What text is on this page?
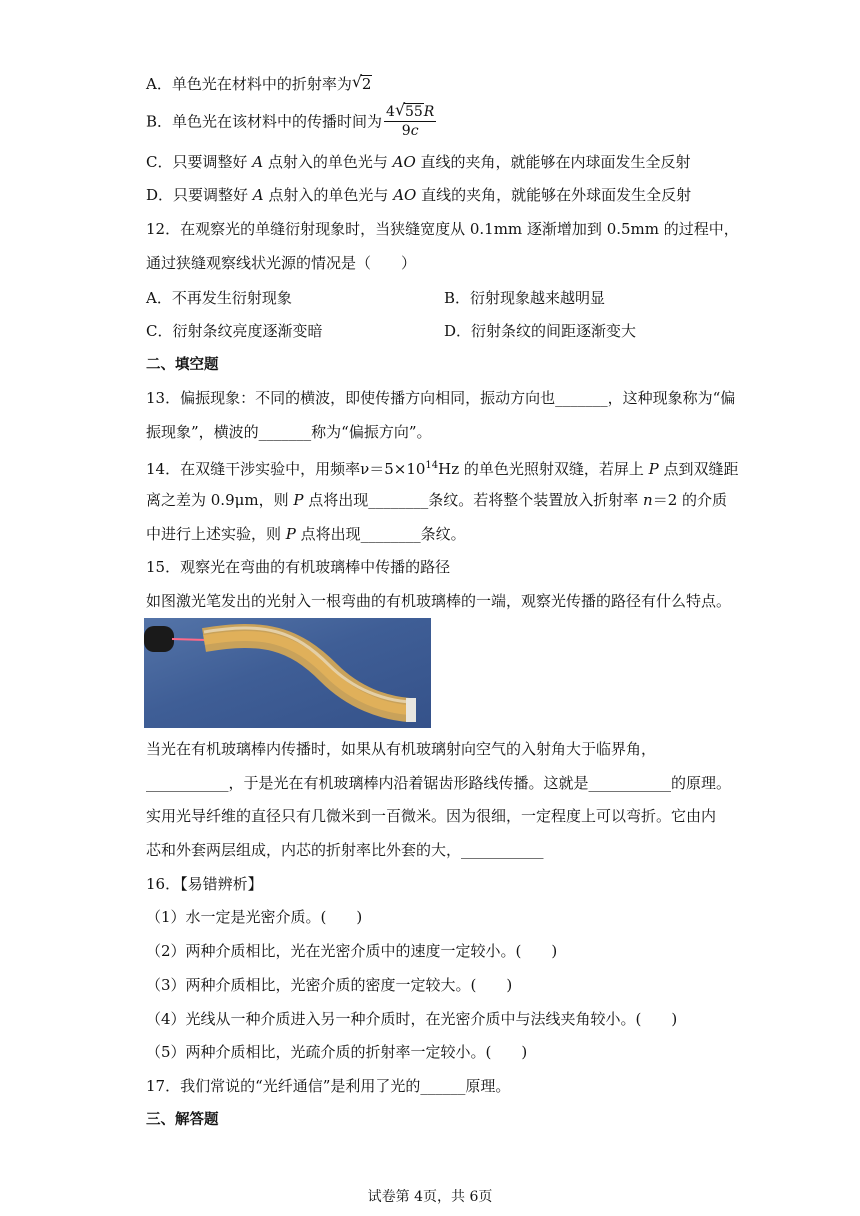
A．单色光在材料中的折射率为 √ 2
B．单色光在该材料中的传播时间为 $\frac{4 √ 55R}{9c}$
C．只要调整好 A 点射入的单色光与 AO 直线的夹角，就能够在内球面发生全反射
D．只要调整好 A 点射入的单色光与 AO 直线的夹角，就能够在外球面发生全反射
12．在观察光的单缝衍射现象时，当狭缝宽度从 0.1mm 逐渐增加到 0.5mm 的过程中，
通过狭缝观察线状光源的情况是（　　）
A．不再发生衍射现象	B．衍射现象越来越明显
C．衍射条纹亮度逐渐变暗	D．衍射条纹的间距逐渐变大
二、填空题
13．偏振现象：不同的横波，即使传播方向相同，振动方向也_______，这种现象称为“偏
振现象”，横波的_______称为“偏振方向”。
14．在双缝干涉实验中，用频率$\nu=5\times 10^{14}Hz$ 的单色光照射双缝，若屏上 P 点到双缝距
离之差为 0.9μm，则 P 点将出现________条纹。若将整个装置放入折射率 n＝2 的介质
中进行上述实验，则 P 点将出现________条纹。
15．观察光在弯曲的有机玻璃棒中传播的路径
如图激光笔发出的光射入一根弯曲的有机玻璃棒的一端，观察光传播的路径有什么特点。
当光在有机玻璃棒内传播时，如果从有机玻璃射向空气的入射角大于临界角，
___________，于是光在有机玻璃棒内沿着锯齿形路线传播。这就是___________的原理。
实用光导纤维的直径只有几微米到一百微米。因为很细，一定程度上可以弯折。它由内
芯和外套两层组成，内芯的折射率比外套的大，___________
16．【易错辨析】
（1）水一定是光密介质。(　　)
（2）两种介质相比，光在光密介质中的速度一定较小。(　　)
（3）两种介质相比，光密介质的密度一定较大。(　　)
（4）光线从一种介质进入另一种介质时，在光密介质中与法线夹角较小。(　　)
（5）两种介质相比，光疏介质的折射率一定较小。(　　)
17．我们常说的“光纤通信”是利用了光的______原理。
三、解答题
试卷第 4页，共 6页
